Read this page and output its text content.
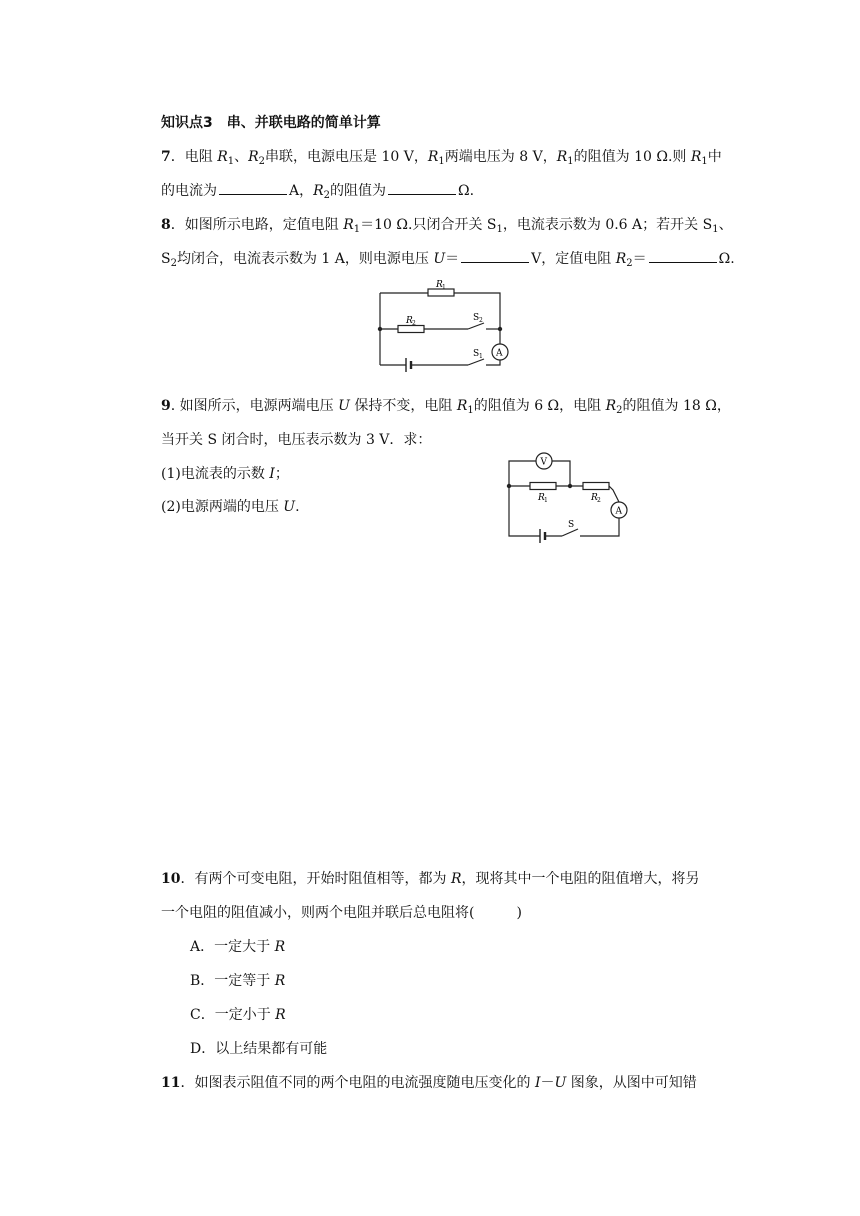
知识点3　串、并联电路的简单计算
7．电阻 $R_1$、$R_2$串联，电源电压是 10 V，$R_1$两端电压为 8 V，$R_1$的阻值为 10 Ω.则 $R_1$中
的电流为	A，$R_2$的阻值为	Ω.
8．如图所示电路，定值电阻 $R_1=10$ Ω.只闭合开关 $S_1$，电流表示数为 0.6 A；若开关 $S_1$、
$S_2$均闭合，电流表示数为 1 A，则电源电压 U＝	V，定值电阻 $R_2=$	Ω.
R 1
R 2
S 2
S 1 A
9. 如图所示，电源两端电压 U 保持不变，电阻 $R_1$的阻值为 6 Ω，电阻 $R_2$的阻值为 18 Ω，
当开关 S 闭合时，电压表示数为 3 V．求：
(1)电流表的示数 I；
(2)电源两端的电压 U.
V
R 1	R 2
A
S
10．有两个可变电阻，开始时阻值相等，都为 R，现将其中一个电阻的阻值增大，将另
一个电阻的阻值减小，则两个电阻并联后总电阻将(　　　)
A．一定大于 R
B．一定等于 R
C．一定小于 R
D．以上结果都有可能
11．如图表示阻值不同的两个电阻的电流强度随电压变化的 I－U 图象，从图中可知错
